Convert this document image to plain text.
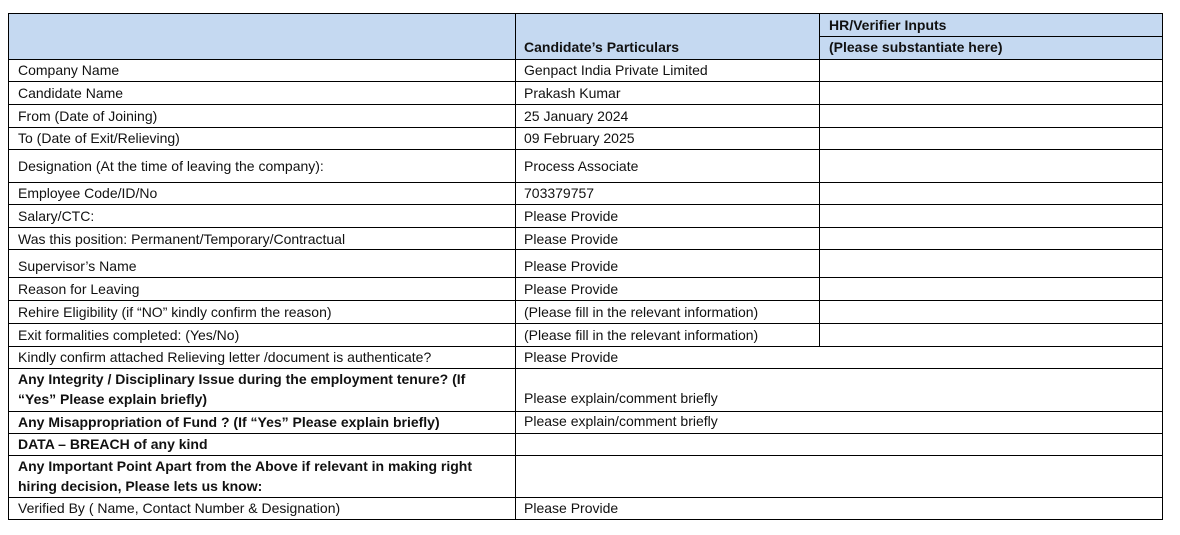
HR/Verifier Inputs
(Please substantiate here)
Candidate’s Particulars
Company Name
Candidate Name
From (Date of Joining)
To (Date of Exit/Relieving)
Designation (At the time of leaving the company):
Employee Code/ID/No
Salary/CTC:
Was this position: Permanent/Temporary/Contractual
Supervisor’s Name
Reason for Leaving
Rehire Eligibility (if “NO” kindly confirm the reason)
Exit formalities completed: (Yes/No)
Kindly confirm attached Relieving letter /document is authenticate?
Any Integrity / Disciplinary Issue during the employment tenure? (If
“Yes” Please explain briefly)
Any Misappropriation of Fund ? (If “Yes” Please explain briefly)
DATA – BREACH of any kind
Any Important Point Apart from the Above if relevant in making right
hiring decision, Please lets us know:
Verified By ( Name, Contact Number & Designation)
Genpact India Private Limited
Prakash Kumar
25 January 2024
09 February 2025
Process Associate
703379757
Please Provide
Please Provide
Please Provide
Please Provide
(Please fill in the relevant information)
(Please fill in the relevant information)
Please Provide
Please explain/comment briefly
Please explain/comment briefly
Please Provide
